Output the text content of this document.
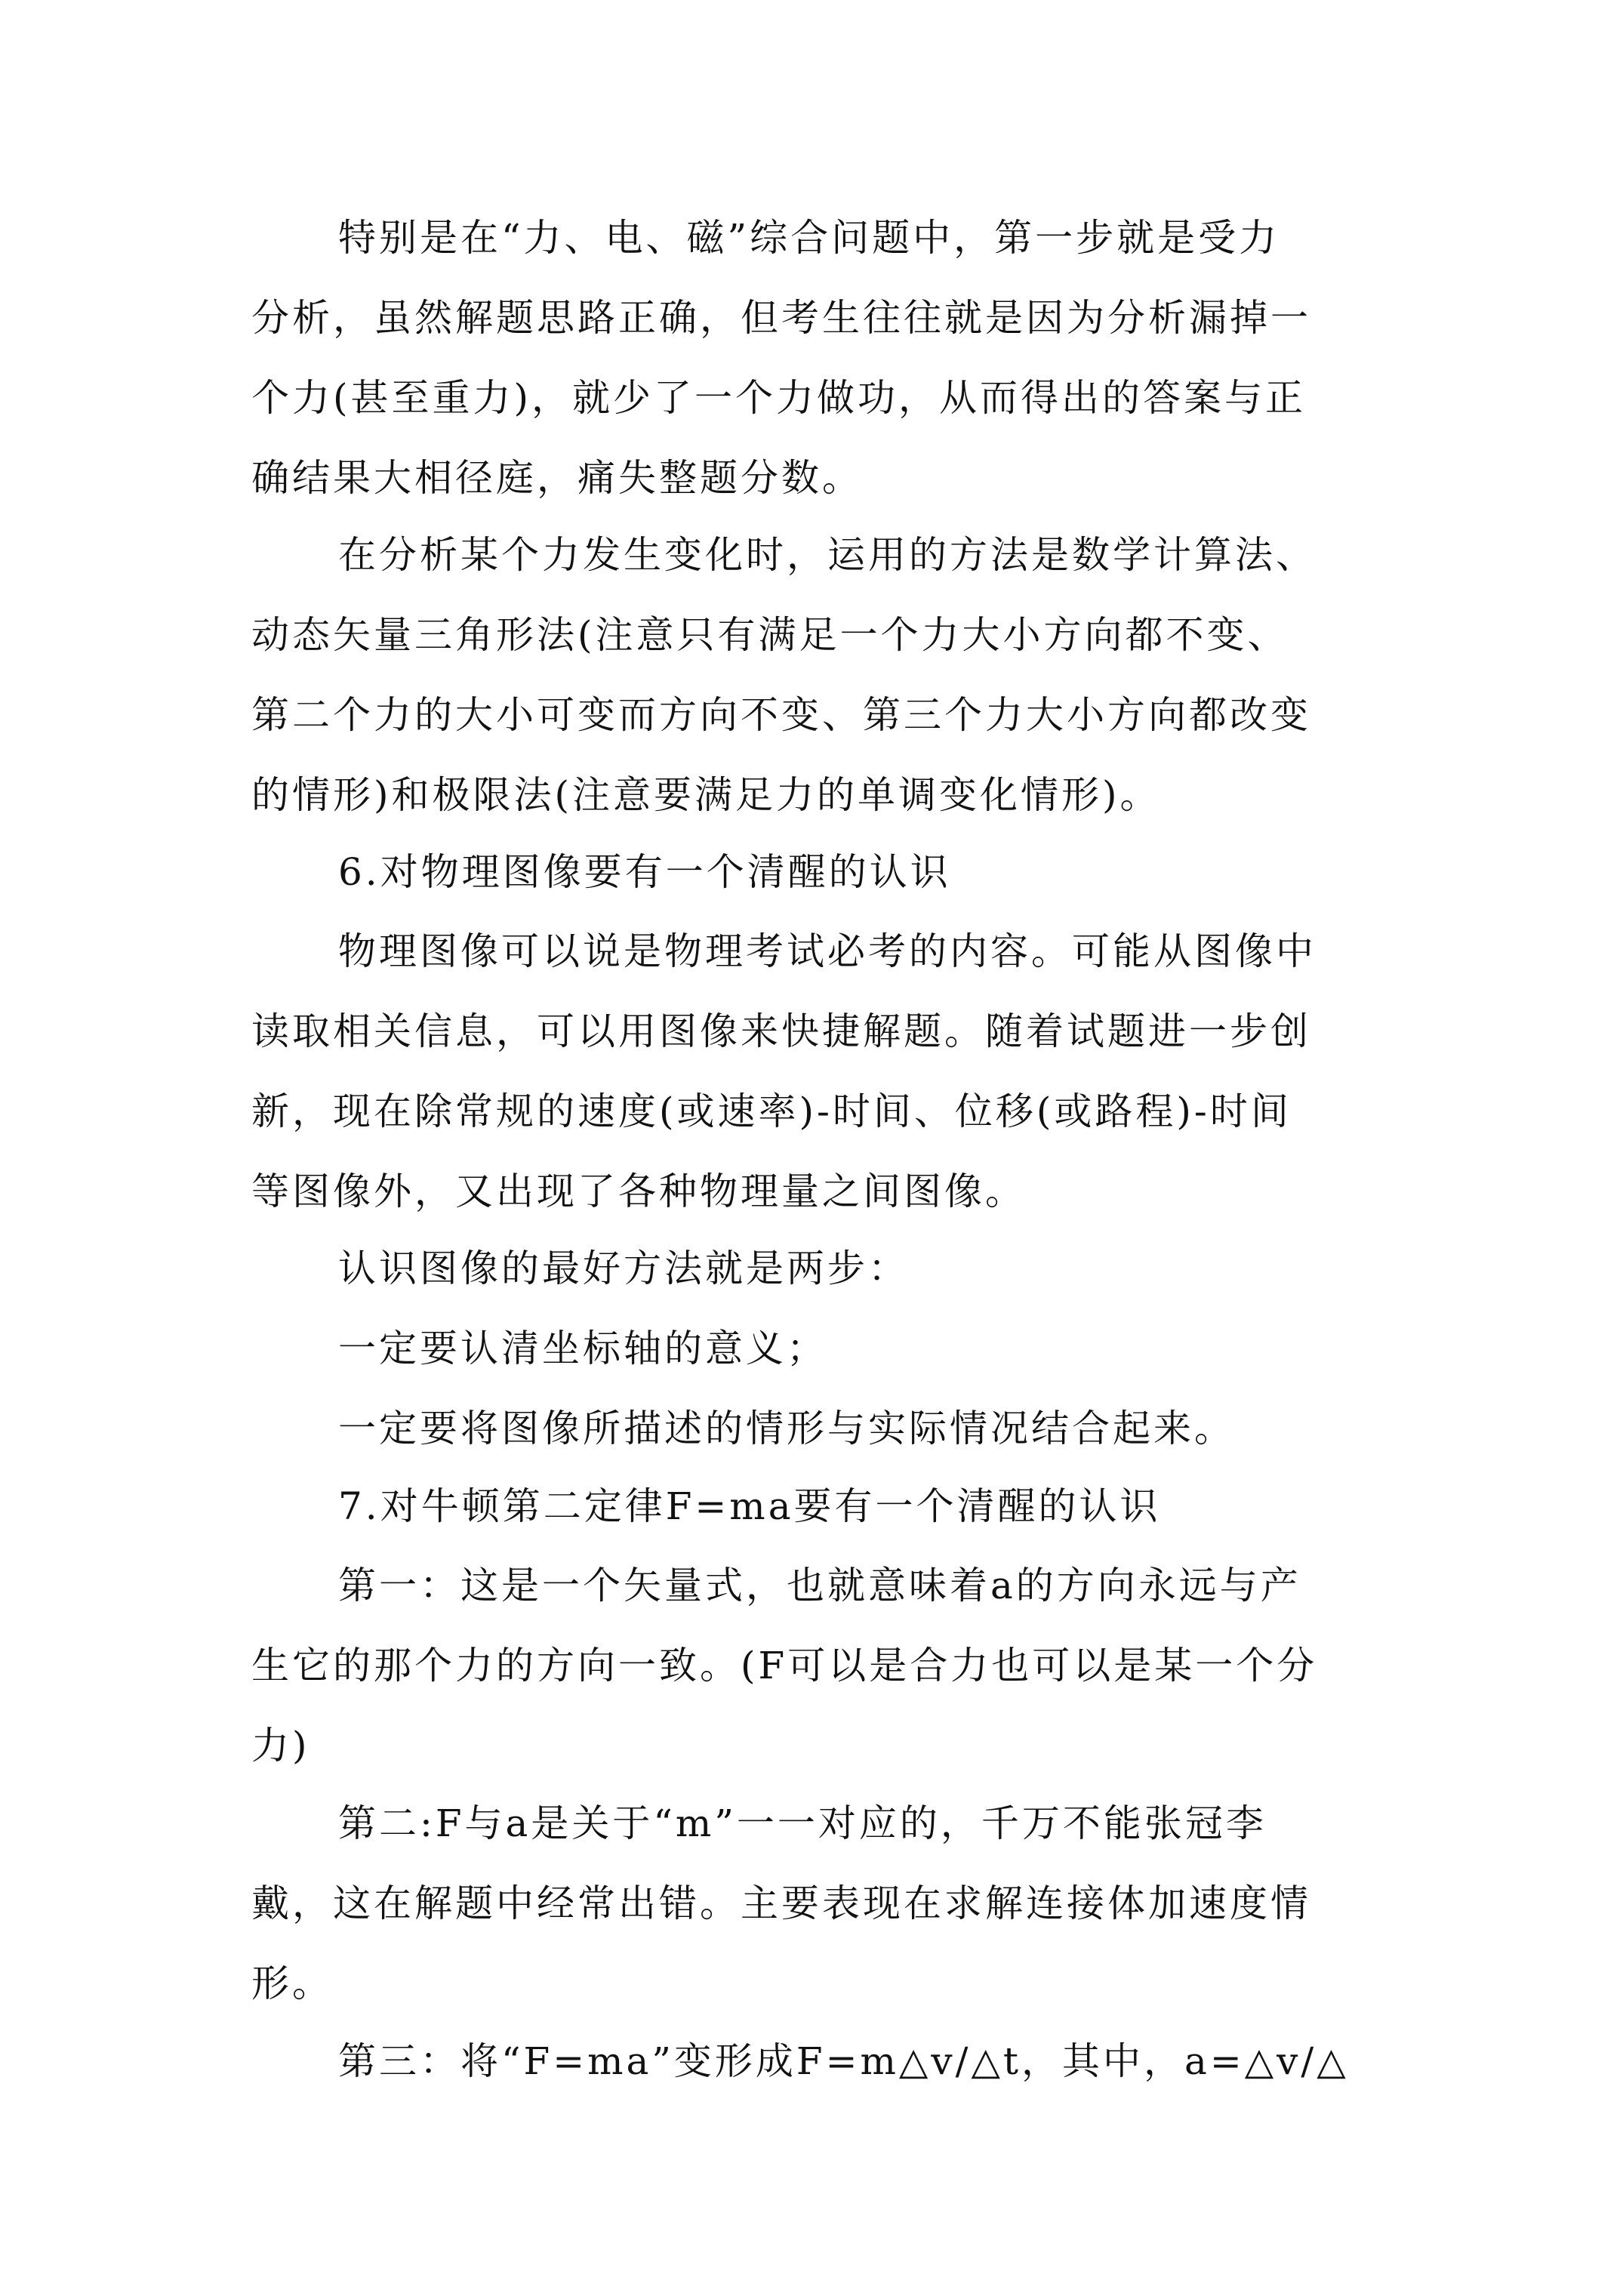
特别是在“力、电、磁”综合问题中，第一步就是受力
分析，虽然解题思路正确，但考生往往就是因为分析漏掉一
个力(甚至重力)，就少了一个力做功，从而得出的答案与正
确结果大相径庭，痛失整题分数。
在分析某个力发生变化时，运用的方法是数学计算法、
动态矢量三角形法(注意只有满足一个力大小方向都不变、
第二个力的大小可变而方向不变、第三个力大小方向都改变
的情形)和极限法(注意要满足力的单调变化情形)。
6.对物理图像要有一个清醒的认识
物理图像可以说是物理考试必考的内容。可能从图像中
读取相关信息，可以用图像来快捷解题。随着试题进一步创
新，现在除常规的速度(或速率)-时间、位移(或路程)-时间
等图像外，又出现了各种物理量之间图像。
认识图像的最好方法就是两步：
一定要认清坐标轴的意义；
一定要将图像所描述的情形与实际情况结合起来。
7.对牛顿第二定律F=ma要有一个清醒的认识
第一：这是一个矢量式，也就意味着a的方向永远与产
生它的那个力的方向一致。(F可以是合力也可以是某一个分
力)
第二:F与a是关于“m”一一对应的，千万不能张冠李
戴，这在解题中经常出错。主要表现在求解连接体加速度情
形。
第三：将“F=ma”变形成F=m△v/△t，其中，a=△v/△
